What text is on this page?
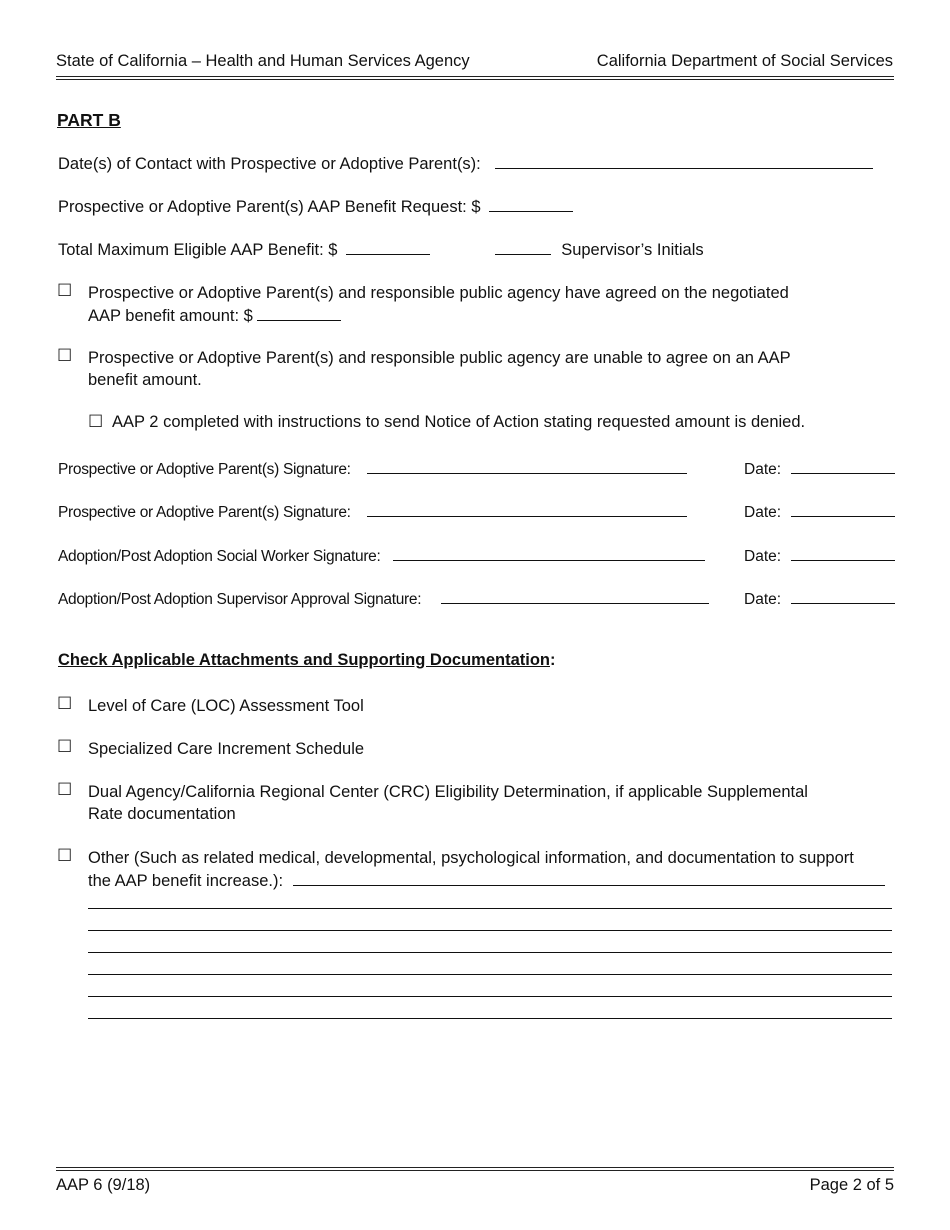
State of California – Health and Human Services Agency	California Department of Social Services
PART B
Date(s) of Contact with Prospective or Adoptive Parent(s):
Prospective or Adoptive Parent(s) AAP Benefit Request: $
Total Maximum Eligible AAP Benefit: $	Supervisor’s Initials
☐ Prospective or Adoptive Parent(s) and responsible public agency have agreed on the negotiated
AAP benefit amount: $
☐ Prospective or Adoptive Parent(s) and responsible public agency are unable to agree on an AAP
benefit amount.
☐ AAP 2 completed with instructions to send Notice of Action stating requested amount is denied.
Prospective or Adoptive Parent(s) Signature:	Date:
Prospective or Adoptive Parent(s) Signature:	Date:
Adoption/Post Adoption Social Worker Signature:	Date:
Adoption/Post Adoption Supervisor Approval Signature:	Date:
Check Applicable Attachments and Supporting Documentation:
☐ Level of Care (LOC) Assessment Tool
☐ Specialized Care Increment Schedule
☐ Dual Agency/California Regional Center (CRC) Eligibility Determination, if applicable Supplemental
Rate documentation
☐ Other (Such as related medical, developmental, psychological information, and documentation to support
the AAP benefit increase.):
AAP 6 (9/18)	Page 2 of 5
